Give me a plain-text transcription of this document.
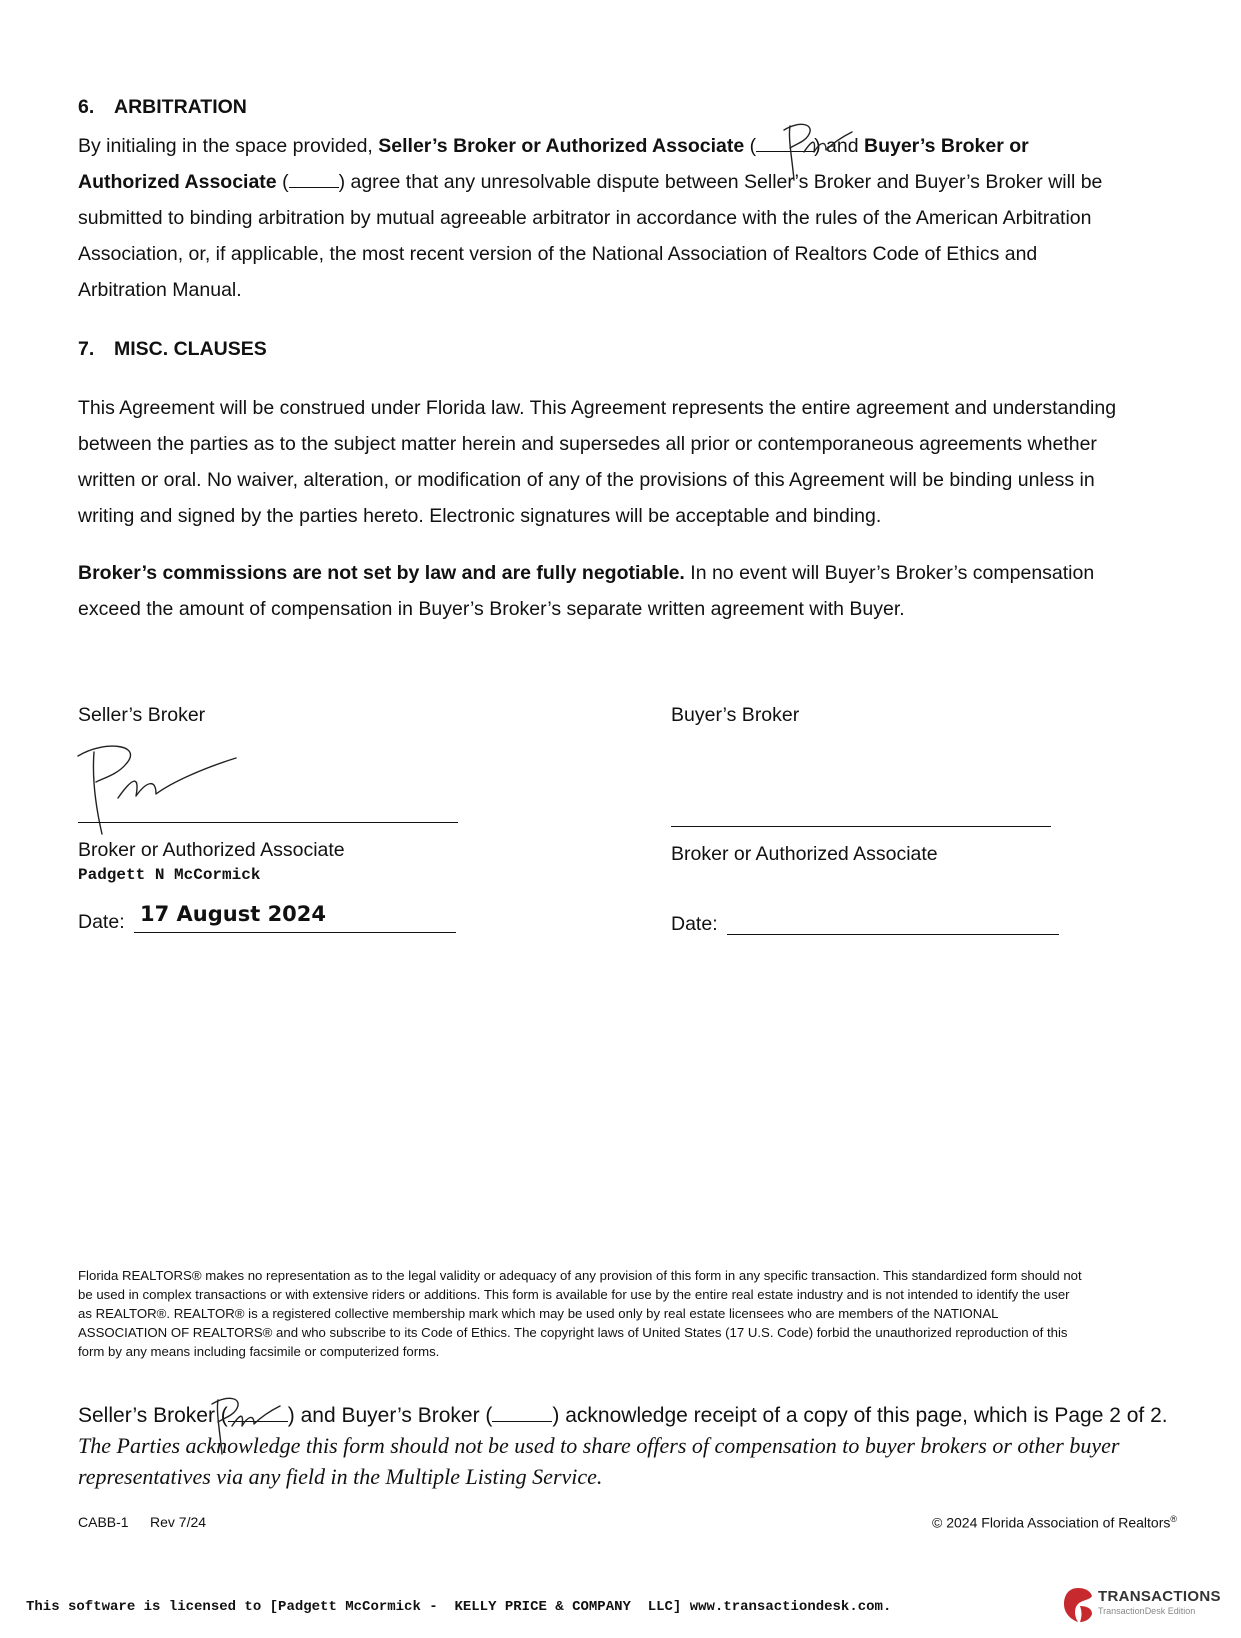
6. ARBITRATION
By initialing in the space provided, Seller’s Broker or Authorized Associate (	) and Buyer’s Broker or
Authorized Associate (	) agree that any unresolvable dispute between Seller’s Broker and Buyer’s Broker will be
submitted to binding arbitration by mutual agreeable arbitrator in accordance with the rules of the American Arbitration
Association, or, if applicable, the most recent version of the National Association of Realtors Code of Ethics and
Arbitration Manual.
7. MISC. CLAUSES
This Agreement will be construed under Florida law. This Agreement represents the entire agreement and understanding
between the parties as to the subject matter herein and supersedes all prior or contemporaneous agreements whether
written or oral. No waiver, alteration, or modification of any of the provisions of this Agreement will be binding unless in
writing and signed by the parties hereto. Electronic signatures will be acceptable and binding.
Broker’s commissions are not set by law and are fully negotiable. In no event will Buyer’s Broker’s compensation
exceed the amount of compensation in Buyer’s Broker’s separate written agreement with Buyer.
Seller’s Broker	Buyer’s Broker
Broker or Authorized Associate	Broker or Authorized Associate
Padgett N McCormick
Date: 17 August 2024	Date:
Florida REALTORS® makes no representation as to the legal validity or adequacy of any provision of this form in any specific transaction. This standardized form should not
be used in complex transactions or with extensive riders or additions. This form is available for use by the entire real estate industry and is not intended to identify the user
as REALTOR®. REALTOR® is a registered collective membership mark which may be used only by real estate licensees who are members of the NATIONAL
ASSOCIATION OF REALTORS® and who subscribe to its Code of Ethics. The copyright laws of United States (17 U.S. Code) forbid the unauthorized reproduction of this
form by any means including facsimile or computerized forms.
Seller’s Broker (	) and Buyer’s Broker (	) acknowledge receipt of a copy of this page, which is Page 2 of 2.
The Parties acknowledge this form should not be used to share offers of compensation to buyer brokers or other buyer
representatives via any field in the Multiple Listing Service.
CABB-1 Rev 7/24	© 2024 Florida Association of Realtors®
This software is licensed to [Padgett McCormick -  KELLY PRICE & COMPANY  LLC] www.transactiondesk.com.
TRANSACTIONS
TransactionDesk Edition
